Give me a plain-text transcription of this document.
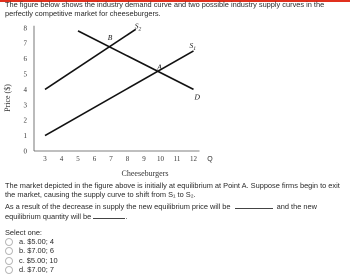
The figure below shows the industry demand curve and two possible industry supply curves in the perfectly competitive market for cheeseburgers.
0
1
2
3
4
5
6
7
8
3 4 5 6 7 8 9 10 11 12 Q
D
$S_1$
$S_2$
A
B
Price ($)
Cheeseburgers
The market depicted in the figure above is initially at equilibrium at Point A. Suppose firms begin to exit the market, causing the supply curve to shift from S₁ to S₂.
As a result of the decrease in supply the new equilibrium price will be	and the new equilibrium quantity will be	.
Select one:
a. $5.00; 4
b. $7.00; 6
c. $5.00; 10
d. $7.00; 7
